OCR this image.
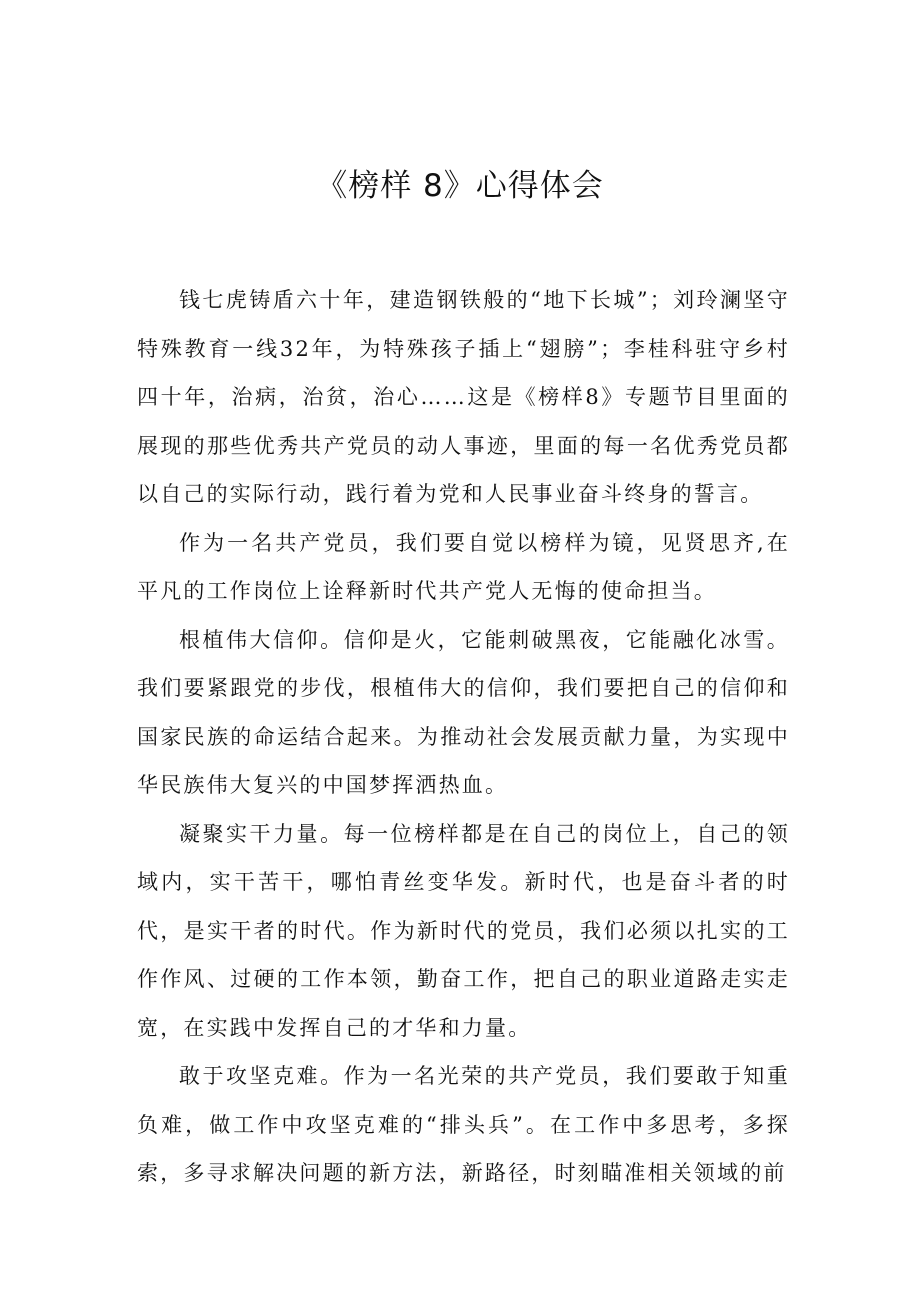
《榜样 8》心得体会

钱七虎铸盾六十年，建造钢铁般的“地下长城”；刘玲澜坚守特殊教育一线32年，为特殊孩子插上“翅膀”；李桂科驻守乡村四十年，治病，治贫，治心……这是《榜样8》专题节目里面的展现的那些优秀共产党员的动人事迹，里面的每一名优秀党员都以自己的实际行动，践行着为党和人民事业奋斗终身的誓言。

作为一名共产党员，我们要自觉以榜样为镜，见贤思齐,在平凡的工作岗位上诠释新时代共产党人无悔的使命担当。

根植伟大信仰。信仰是火，它能刺破黑夜，它能融化冰雪。我们要紧跟党的步伐，根植伟大的信仰，我们要把自己的信仰和国家民族的命运结合起来。为推动社会发展贡献力量，为实现中华民族伟大复兴的中国梦挥洒热血。

凝聚实干力量。每一位榜样都是在自己的岗位上，自己的领域内，实干苦干，哪怕青丝变华发。新时代，也是奋斗者的时代，是实干者的时代。作为新时代的党员，我们必须以扎实的工作作风、过硬的工作本领，勤奋工作，把自己的职业道路走实走宽，在实践中发挥自己的才华和力量。

敢于攻坚克难。作为一名光荣的共产党员，我们要敢于知重负难，做工作中攻坚克难的“排头兵”。在工作中多思考，多探索，多寻求解决问题的新方法，新路径，时刻瞄准相关领域的前
